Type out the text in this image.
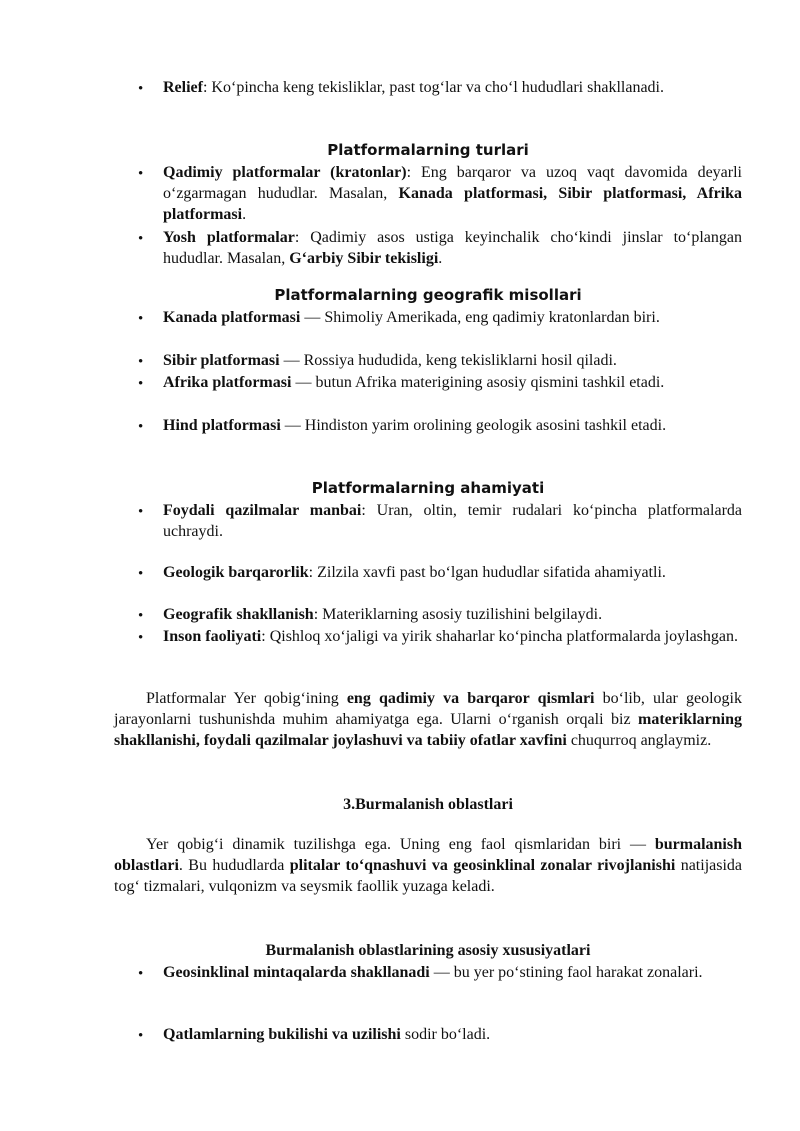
• Relief: Ko‘pincha keng tekisliklar, past tog‘lar va cho‘l hududlari shakllanadi.
Platformalarning turlari
• Qadimiy platformalar (kratonlar): Eng barqaror va uzoq vaqt davomida deyarli o‘zgarmagan hududlar. Masalan, Kanada platformasi, Sibir platformasi, Afrika platformasi.
• Yosh platformalar: Qadimiy asos ustiga keyinchalik cho‘kindi jinslar to‘plangan hududlar. Masalan, G‘arbiy Sibir tekisligi.
Platformalarning geografik misollari
• Kanada platformasi — Shimoliy Amerikada, eng qadimiy kratonlardan biri.
• Sibir platformasi — Rossiya hududida, keng tekisliklarni hosil qiladi.
• Afrika platformasi — butun Afrika materigining asosiy qismini tashkil etadi.
• Hind platformasi — Hindiston yarim orolining geologik asosini tashkil etadi.
Platformalarning ahamiyati
• Foydali qazilmalar manbai: Uran, oltin, temir rudalari ko‘pincha platformalarda uchraydi.
• Geologik barqarorlik: Zilzila xavfi past bo‘lgan hududlar sifatida ahamiyatli.
• Geografik shakllanish: Materiklarning asosiy tuzilishini belgilaydi.
• Inson faoliyati: Qishloq xo‘jaligi va yirik shaharlar ko‘pincha platformalarda joylashgan.
Platformalar Yer qobig‘ining eng qadimiy va barqaror qismlari bo‘lib, ular geologik jarayonlarni tushunishda muhim ahamiyatga ega. Ularni o‘rganish orqali biz materiklarning shakllanishi, foydali qazilmalar joylashuvi va tabiiy ofatlar xavfini chuqurroq anglaymiz.
3.Burmalanish oblastlari
Yer qobig‘i dinamik tuzilishga ega. Uning eng faol qismlaridan biri — burmalanish oblastlari. Bu hududlarda plitalar to‘qnashuvi va geosinklinal zonalar rivojlanishi natijasida tog‘ tizmalari, vulqonizm va seysmik faollik yuzaga keladi.
Burmalanish oblastlarining asosiy xususiyatlari
• Geosinklinal mintaqalarda shakllanadi — bu yer po‘stining faol harakat zonalari.
• Qatlamlarning bukilishi va uzilishi sodir bo‘ladi.
